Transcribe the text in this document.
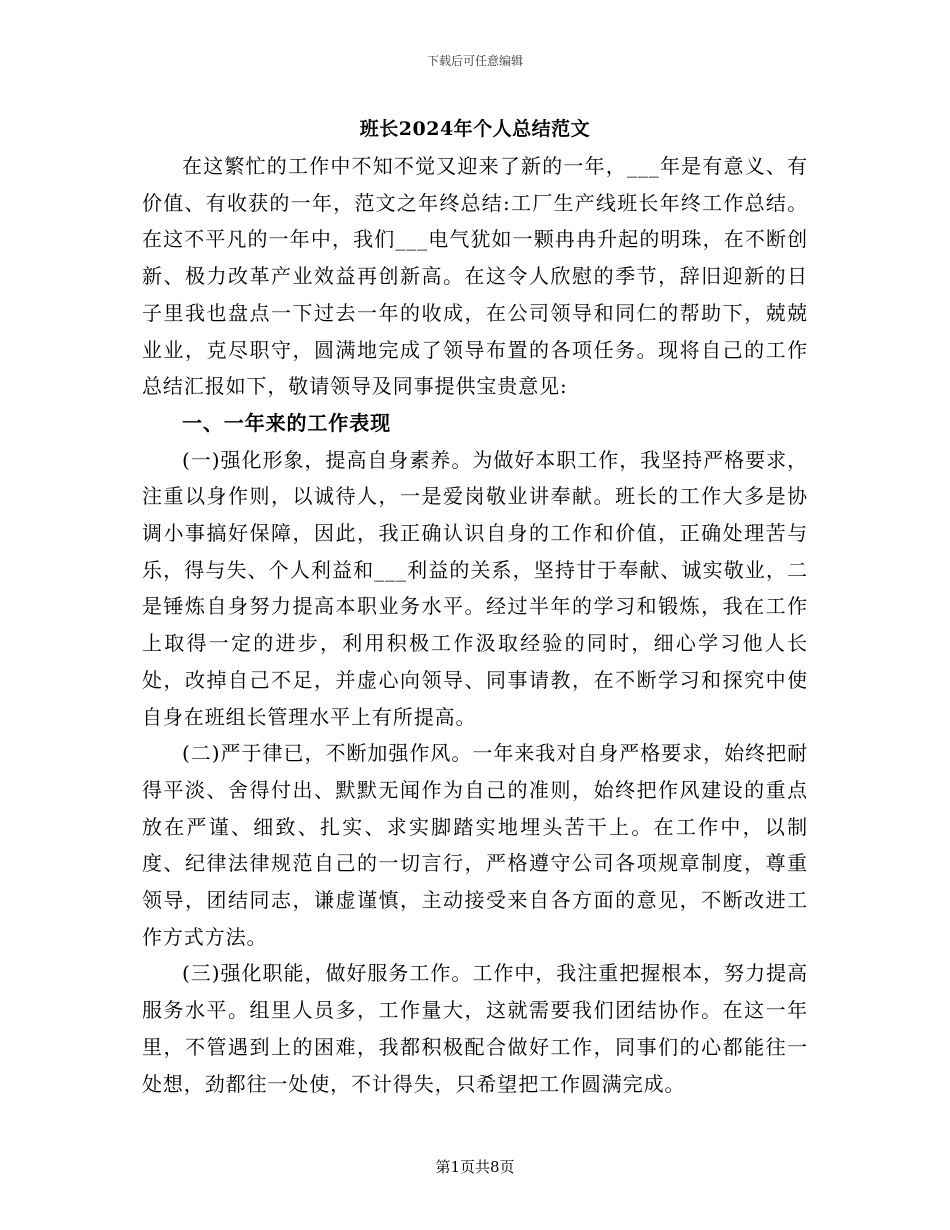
下载后可任意编辑
班长2024年个人总结范文

在这繁忙的工作中不知不觉又迎来了新的一年，___年是有意义、有价值、有收获的一年，范文之年终总结:工厂生产线班长年终工作总结。在这不平凡的一年中，我们___电气犹如一颗冉冉升起的明珠，在不断创新、极力改革产业效益再创新高。在这令人欣慰的季节，辞旧迎新的日子里我也盘点一下过去一年的收成，在公司领导和同仁的帮助下，兢兢业业，克尽职守，圆满地完成了领导布置的各项任务。现将自己的工作总结汇报如下，敬请领导及同事提供宝贵意见:

一、一年来的工作表现

(一)强化形象，提高自身素养。为做好本职工作，我坚持严格要求，注重以身作则，以诚待人，一是爱岗敬业讲奉献。班长的工作大多是协调小事搞好保障，因此，我正确认识自身的工作和价值，正确处理苦与乐，得与失、个人利益和___利益的关系，坚持甘于奉献、诚实敬业，二是锤炼自身努力提高本职业务水平。经过半年的学习和锻炼，我在工作上取得一定的进步，利用积极工作汲取经验的同时，细心学习他人长处，改掉自己不足，并虚心向领导、同事请教，在不断学习和探究中使自身在班组长管理水平上有所提高。

(二)严于律已，不断加强作风。一年来我对自身严格要求，始终把耐得平淡、舍得付出、默默无闻作为自己的准则，始终把作风建设的重点放在严谨、细致、扎实、求实脚踏实地埋头苦干上。在工作中，以制度、纪律法律规范自己的一切言行，严格遵守公司各项规章制度，尊重领导，团结同志，谦虚谨慎，主动接受来自各方面的意见，不断改进工作方式方法。

(三)强化职能，做好服务工作。工作中，我注重把握根本，努力提高服务水平。组里人员多，工作量大，这就需要我们团结协作。在这一年里，不管遇到上的困难，我都积极配合做好工作，同事们的心都能往一处想，劲都往一处使，不计得失，只希望把工作圆满完成。

第1页共8页
